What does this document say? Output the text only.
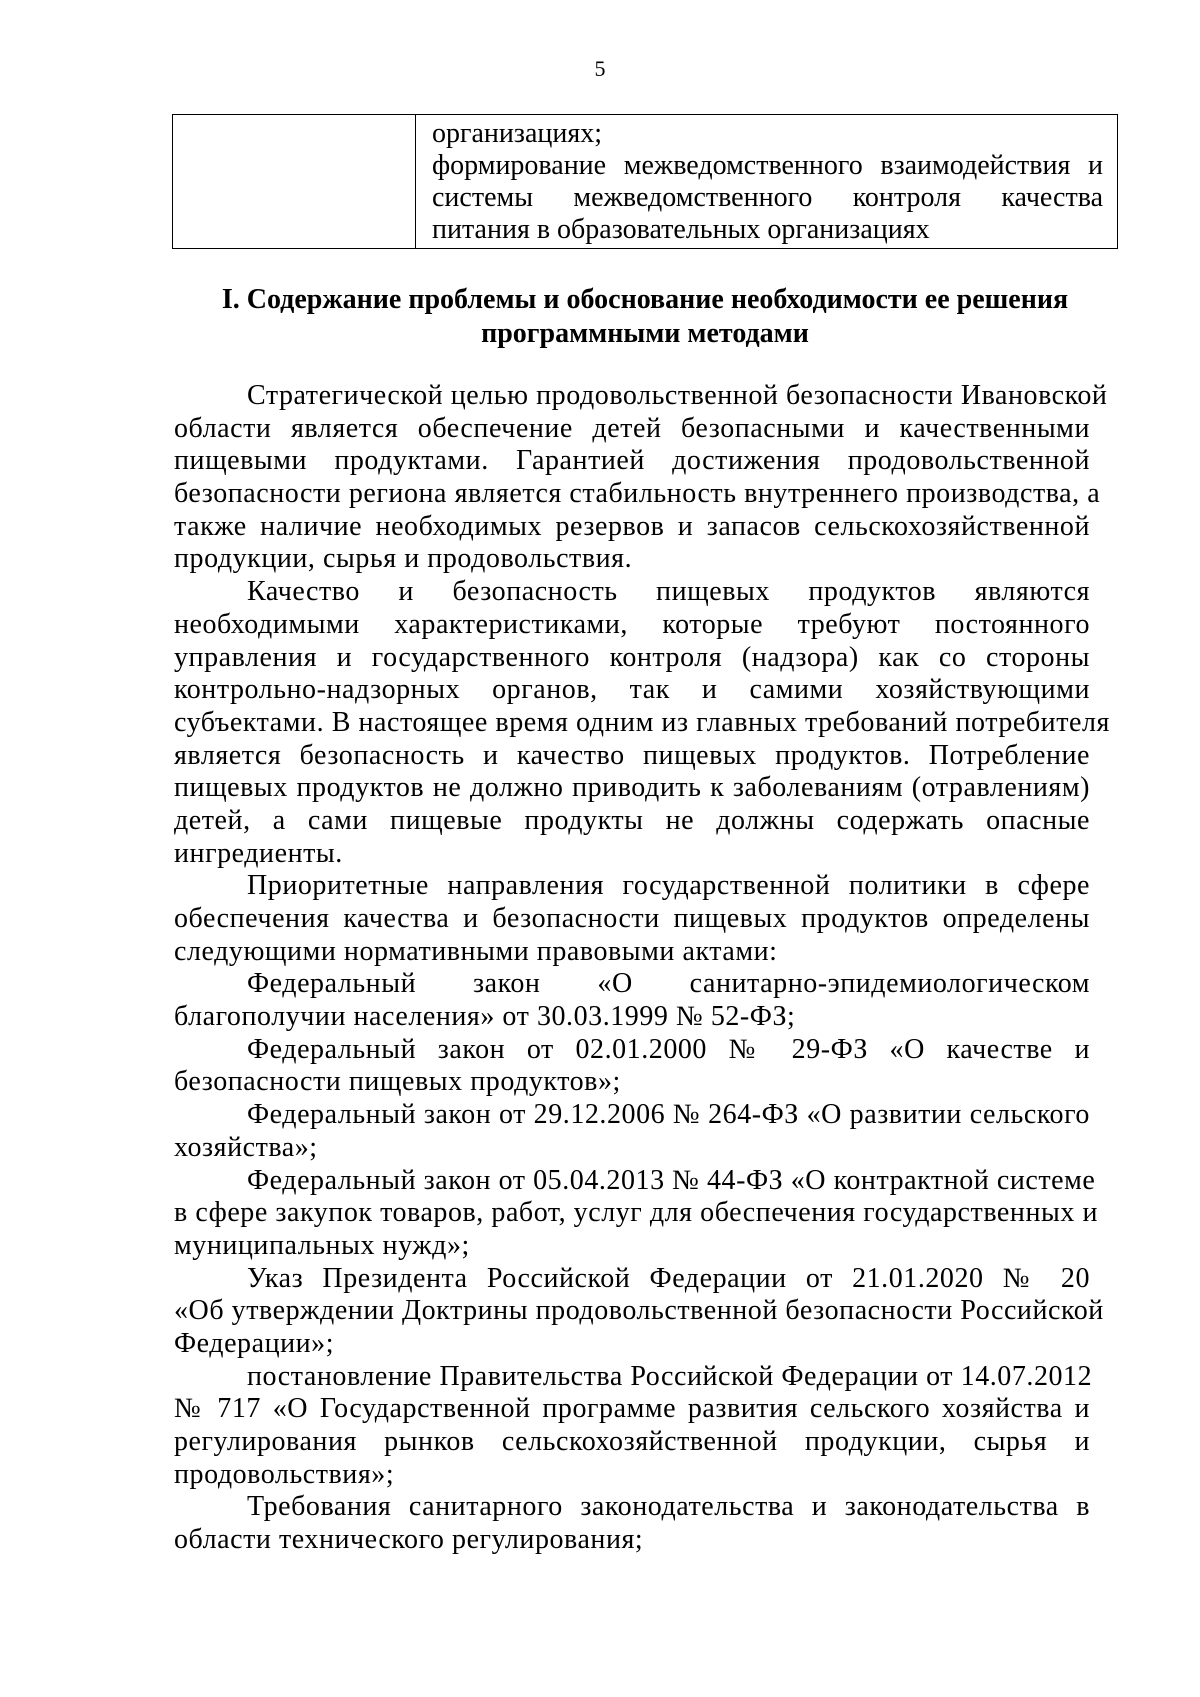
5

организациях;
формирование межведомственного взаимодействия и
системы межведомственного контроля качества
питания в образовательных организациях
I. Содержание проблемы и обоснование необходимости ее решения
программными методами
Стратегической целью продовольственной безопасности Ивановской
области является обеспечение детей безопасными и качественными
пищевыми продуктами. Гарантией достижения продовольственной
безопасности региона является стабильность внутреннего производства, а
также наличие необходимых резервов и запасов сельскохозяйственной
продукции, сырья и продовольствия.
Качество и безопасность пищевых продуктов являются
необходимыми характеристиками, которые требуют постоянного
управления и государственного контроля (надзора) как со стороны
контрольно-надзорных органов, так и самими хозяйствующими
субъектами. В настоящее время одним из главных требований потребителя
является безопасность и качество пищевых продуктов. Потребление
пищевых продуктов не должно приводить к заболеваниям (отравлениям)
детей, а сами пищевые продукты не должны содержать опасные
ингредиенты.
Приоритетные направления государственной политики в сфере
обеспечения качества и безопасности пищевых продуктов определены
следующими нормативными правовыми актами:
Федеральный закон «О санитарно-эпидемиологическом
благополучии населения» от 30.03.1999 № 52-ФЗ;
Федеральный закон от 02.01.2000 № 29-ФЗ «О качестве и
безопасности пищевых продуктов»;
Федеральный закон от 29.12.2006 № 264-ФЗ «О развитии сельского
хозяйства»;
Федеральный закон от 05.04.2013 № 44-ФЗ «О контрактной системе
в сфере закупок товаров, работ, услуг для обеспечения государственных и
муниципальных нужд»;
Указ Президента Российской Федерации от 21.01.2020 № 20
«Об утверждении Доктрины продовольственной безопасности Российской
Федерации»;
постановление Правительства Российской Федерации от 14.07.2012
№ 717 «О Государственной программе развития сельского хозяйства и
регулирования рынков сельскохозяйственной продукции, сырья и
продовольствия»;
Требования санитарного законодательства и законодательства в
области технического регулирования;
